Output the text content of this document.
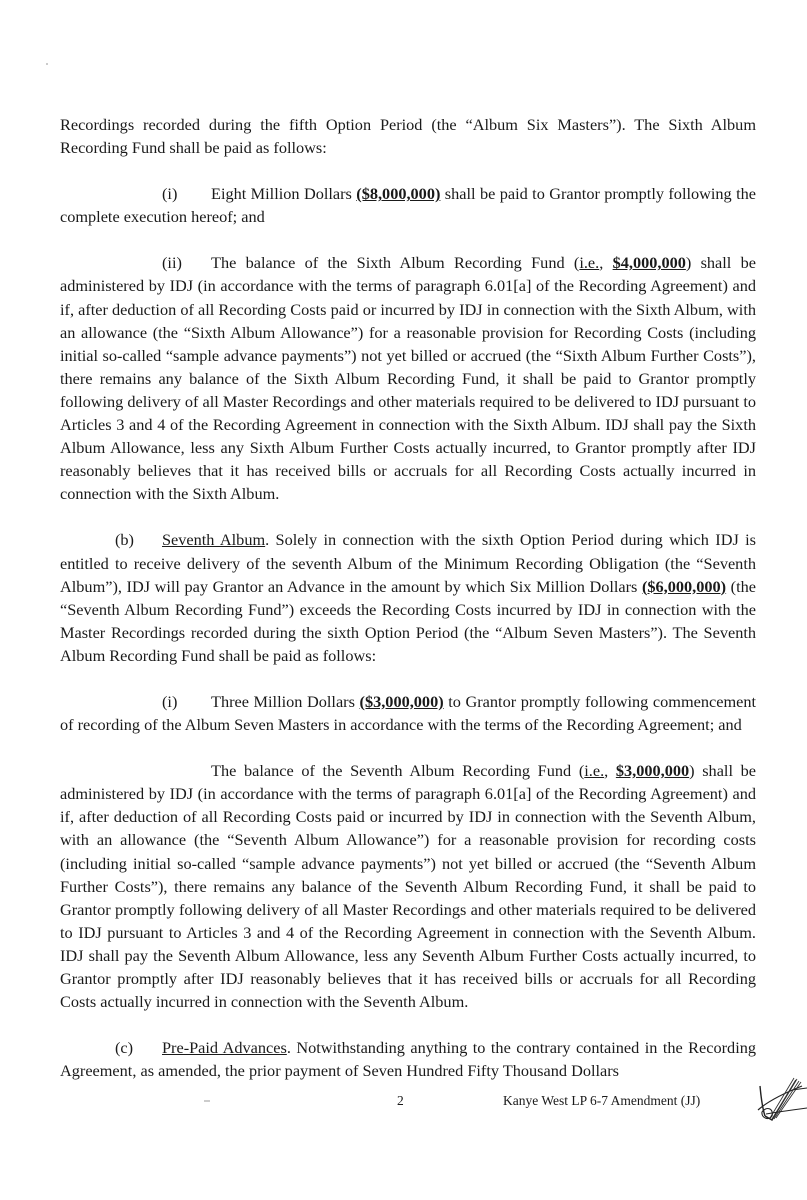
Recordings recorded during the fifth Option Period (the “Album Six Masters”). The Sixth Album Recording Fund shall be paid as follows:

(i) Eight Million Dollars ($8,000,000) shall be paid to Grantor promptly following the complete execution hereof; and

(ii) The balance of the Sixth Album Recording Fund (i.e., $4,000,000) shall be administered by IDJ (in accordance with the terms of paragraph 6.01[a] of the Recording Agreement) and if, after deduction of all Recording Costs paid or incurred by IDJ in connection with the Sixth Album, with an allowance (the “Sixth Album Allowance”) for a reasonable provision for Recording Costs (including initial so-called “sample advance payments”) not yet billed or accrued (the “Sixth Album Further Costs”), there remains any balance of the Sixth Album Recording Fund, it shall be paid to Grantor promptly following delivery of all Master Recordings and other materials required to be delivered to IDJ pursuant to Articles 3 and 4 of the Recording Agreement in connection with the Sixth Album. IDJ shall pay the Sixth Album Allowance, less any Sixth Album Further Costs actually incurred, to Grantor promptly after IDJ reasonably believes that it has received bills or accruals for all Recording Costs actually incurred in connection with the Sixth Album.

(b) Seventh Album. Solely in connection with the sixth Option Period during which IDJ is entitled to receive delivery of the seventh Album of the Minimum Recording Obligation (the “Seventh Album”), IDJ will pay Grantor an Advance in the amount by which Six Million Dollars ($6,000,000) (the “Seventh Album Recording Fund”) exceeds the Recording Costs incurred by IDJ in connection with the Master Recordings recorded during the sixth Option Period (the “Album Seven Masters”). The Seventh Album Recording Fund shall be paid as follows:

(i) Three Million Dollars ($3,000,000) to Grantor promptly following commencement of recording of the Album Seven Masters in accordance with the terms of the Recording Agreement; and

The balance of the Seventh Album Recording Fund (i.e., $3,000,000) shall be administered by IDJ (in accordance with the terms of paragraph 6.01[a] of the Recording Agreement) and if, after deduction of all Recording Costs paid or incurred by IDJ in connection with the Seventh Album, with an allowance (the “Seventh Album Allowance”) for a reasonable provision for recording costs (including initial so-called “sample advance payments”) not yet billed or accrued (the “Seventh Album Further Costs”), there remains any balance of the Seventh Album Recording Fund, it shall be paid to Grantor promptly following delivery of all Master Recordings and other materials required to be delivered to IDJ pursuant to Articles 3 and 4 of the Recording Agreement in connection with the Seventh Album. IDJ shall pay the Seventh Album Allowance, less any Seventh Album Further Costs actually incurred, to Grantor promptly after IDJ reasonably believes that it has received bills or accruals for all Recording Costs actually incurred in connection with the Seventh Album.

(c) Pre-Paid Advances. Notwithstanding anything to the contrary contained in the Recording Agreement, as amended, the prior payment of Seven Hundred Fifty Thousand Dollars

2	Kanye West LP 6-7 Amendment (JJ)
